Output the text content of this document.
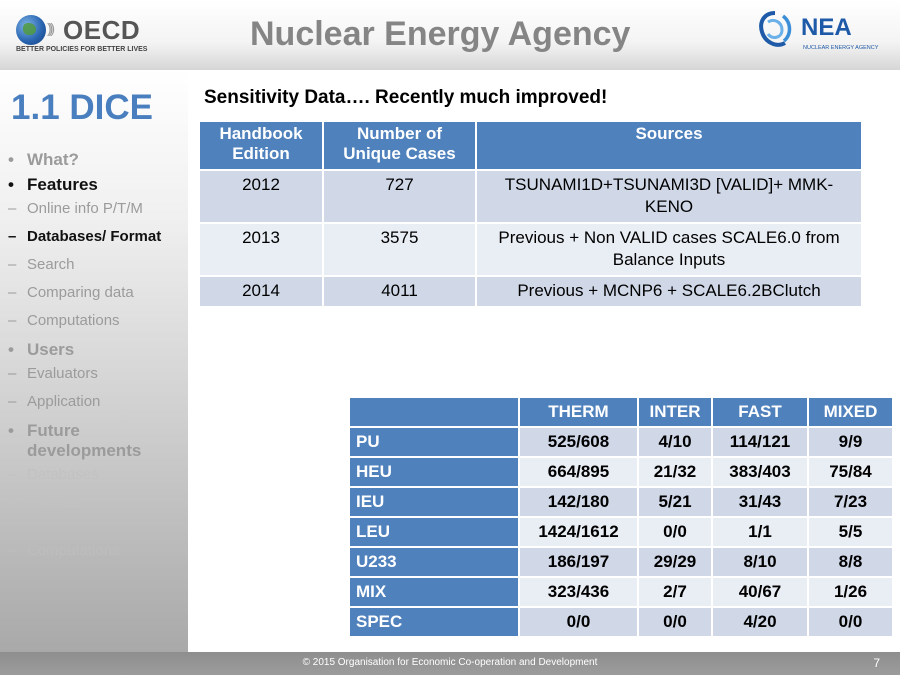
))) OECD
BETTER POLICIES FOR BETTER LIVES	Nuclear Energy Agency	NEA
NUCLEAR ENERGY AGENCY
1.1 DICE
• What?
• Features
– Online info P/T/M
– Databases/ Format
– Search
– Comparing data
– Computations
• Users
– Evaluators
– Application
• Future developments
– Databases
– Formats
– Computations
Sensitivity Data…. Recently much improved!
Handbook Edition	Number of Unique Cases	Sources
2012	727	TSUNAMI1D+TSUNAMI3D [VALID]+ MMK-KENO
2013	3575	Previous + Non VALID cases SCALE6.0 from Balance Inputs
2014	4011	Previous + MCNP6 + SCALE6.2BClutch
	THERM	INTER	FAST	MIXED
PU	525/608	4/10	114/121	9/9
HEU	664/895	21/32	383/403	75/84
IEU	142/180	5/21	31/43	7/23
LEU	1424/1612	0/0	1/1	5/5
U233	186/197	29/29	8/10	8/8
MIX	323/436	2/7	40/67	1/26
SPEC	0/0	0/0	4/20	0/0
© 2015 Organisation for Economic Co-operation and Development	7
